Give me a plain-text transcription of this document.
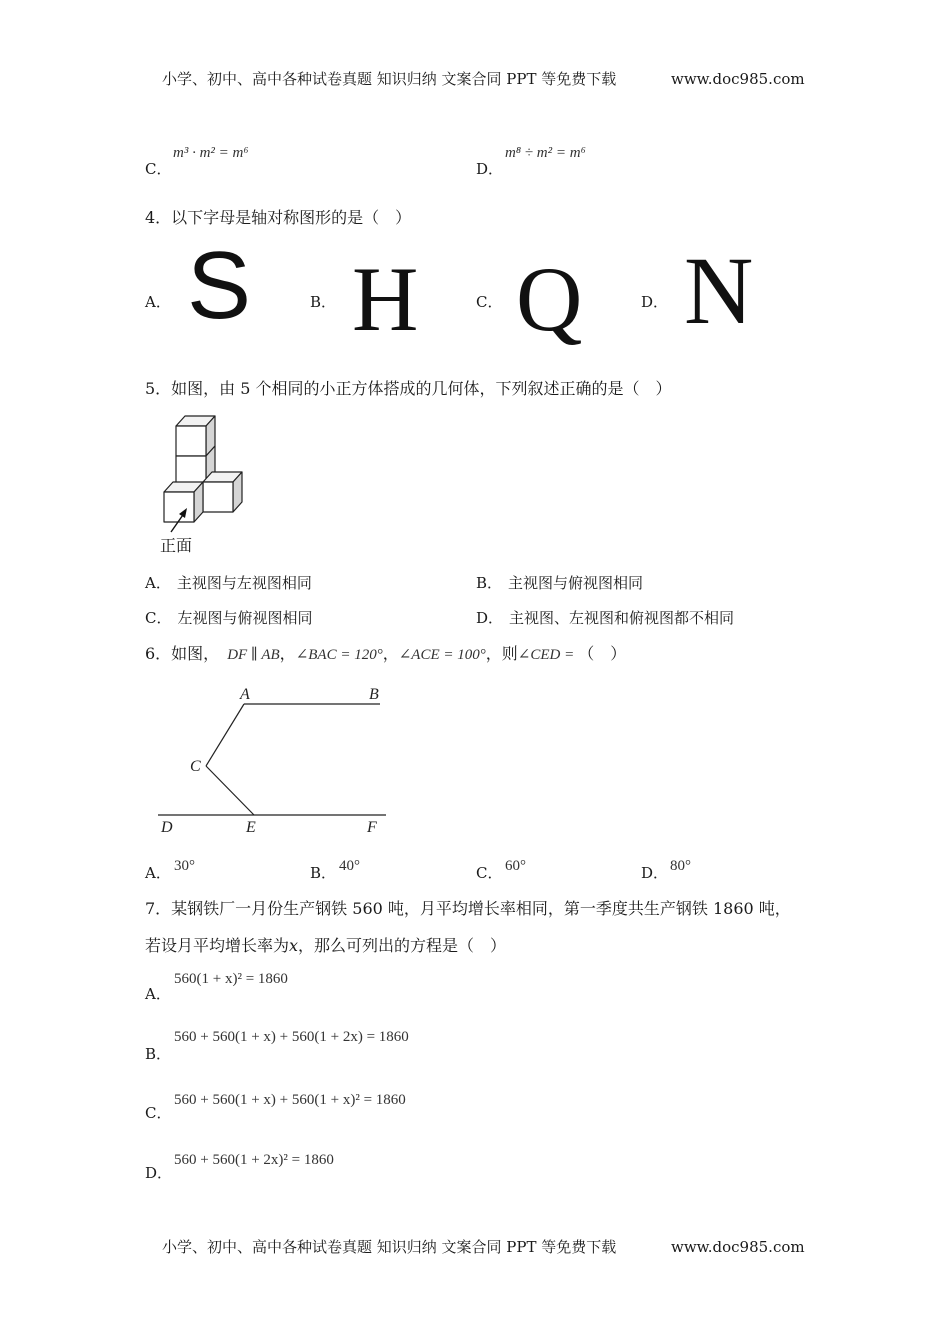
小学、初中、高中各种试卷真题 知识归纳 文案合同 PPT 等免费下载	www.doc985.com
C．
m³ · m² = m⁶
D．
m⁸ ÷ m² = m⁶
4．以下字母是轴对称图形的是（　）
A． S	B． H	C． Q	D． N
5．如图，由 5 个相同的小正方体搭成的几何体，下列叙述正确的是（　）
正面
A． 主视图与左视图相同	B． 主视图与俯视图相同
C． 左视图与俯视图相同	D． 主视图、左视图和俯视图都不相同
6．如图， DF ∥ AB，∠BAC = 120°，∠ACE = 100°，则∠CED = （　）
A	B
C
D	E	F
A． 30°	B． 40°	C． 60°	D． 80°
7．某钢铁厂一月份生产钢铁 560 吨，月平均增长率相同，第一季度共生产钢铁 1860 吨，
若设月平均增长率为x，那么可列出的方程是（　）
A．
560(1 + x)² = 1860
B．
560 + 560(1 + x) + 560(1 + 2x) = 1860
C．
560 + 560(1 + x) + 560(1 + x)² = 1860
D．
560 + 560(1 + 2x)² = 1860
小学、初中、高中各种试卷真题 知识归纳 文案合同 PPT 等免费下载	www.doc985.com
